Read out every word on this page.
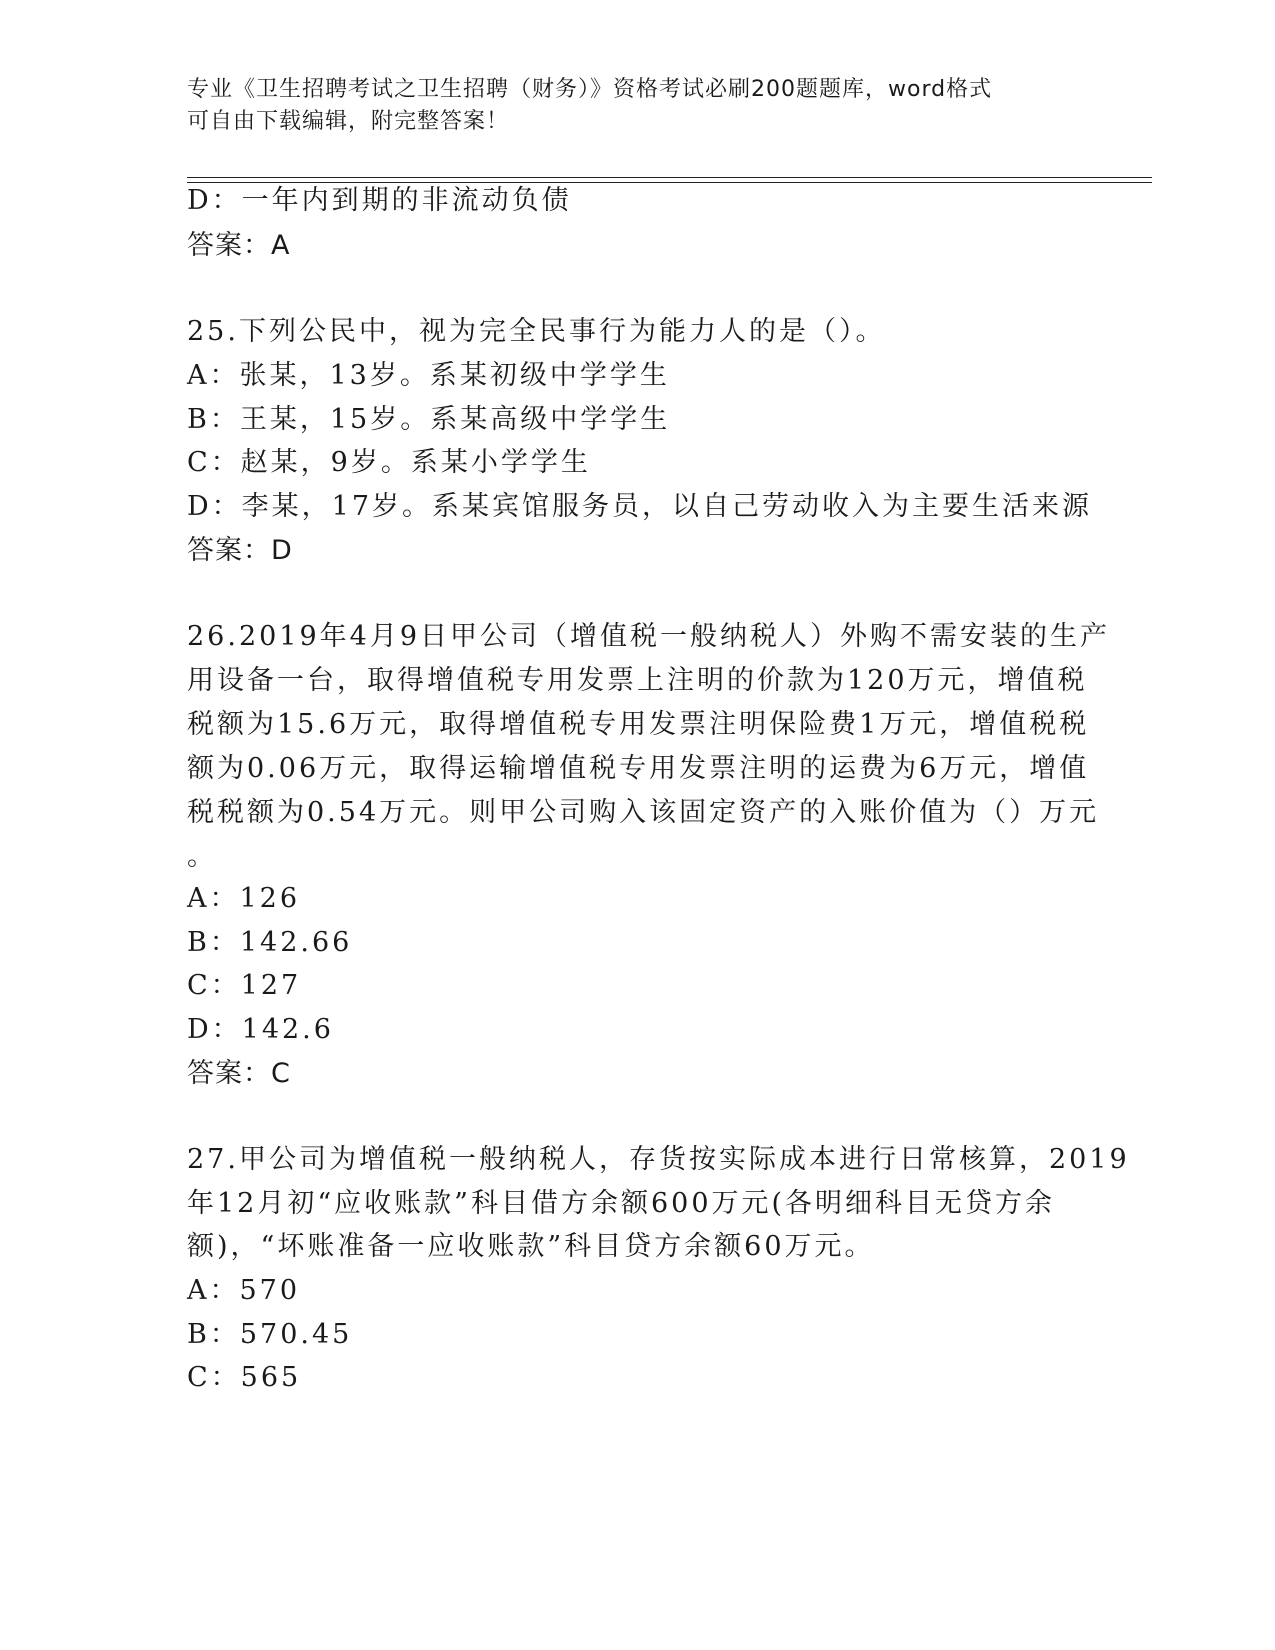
专业《卫生招聘考试之卫生招聘（财务）》资格考试必刷200题题库，word格式
可自由下载编辑，附完整答案！
D：一年内到期的非流动负债
答案：A
25.下列公民中，视为完全民事行为能力人的是（）。
A：张某，13岁。系某初级中学学生
B：王某，15岁。系某高级中学学生
C：赵某，9岁。系某小学学生
D：李某，17岁。系某宾馆服务员，以自己劳动收入为主要生活来源
答案：D
26.2019年4月9日甲公司（增值税一般纳税人）外购不需安装的生产
用设备一台，取得增值税专用发票上注明的价款为120万元，增值税
税额为15.6万元，取得增值税专用发票注明保险费1万元，增值税税
额为0.06万元，取得运输增值税专用发票注明的运费为6万元，增值
税税额为0.54万元。则甲公司购入该固定资产的入账价值为（）万元
。
A：126
B：142.66
C：127
D：142.6
答案：C
27.甲公司为增值税一般纳税人，存货按实际成本进行日常核算，2019
年12月初“应收账款”科目借方余额600万元(各明细科目无贷方余
额)，“坏账准备一应收账款”科目贷方余额60万元。
A：570
B：570.45
C：565
